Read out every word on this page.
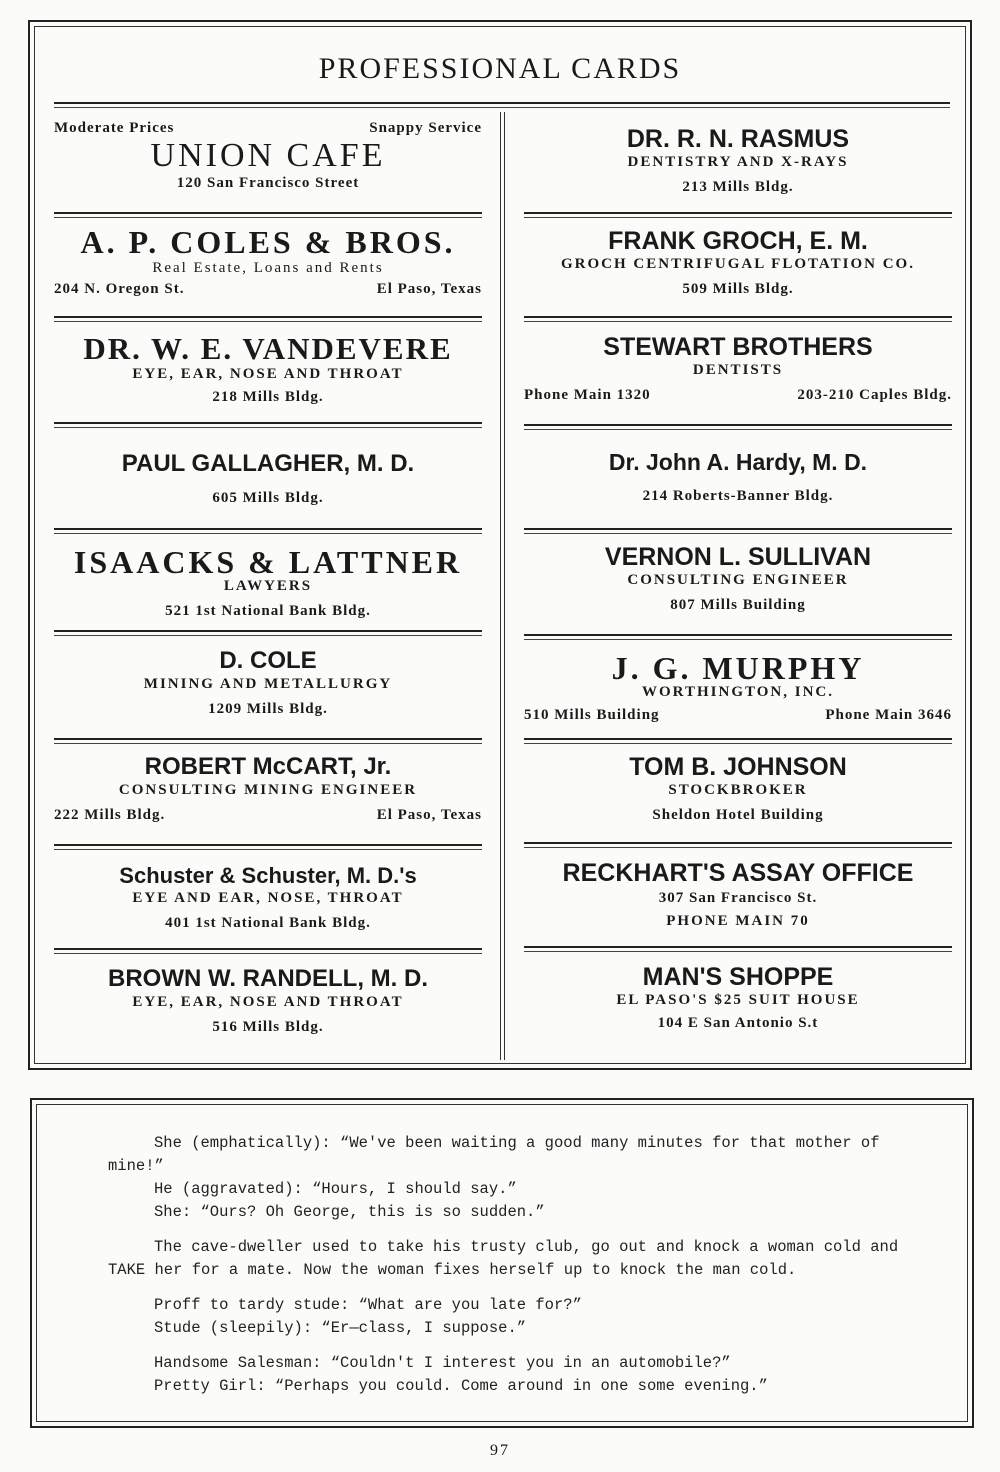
PROFESSIONAL CARDS
Moderate Prices	Snappy Service
UNION CAFE
120 San Francisco Street
A. P. COLES & BROS.
Real Estate, Loans and Rents
204 N. Oregon St.	El Paso, Texas
DR. W. E. VANDEVERE
EYE, EAR, NOSE AND THROAT
218 Mills Bldg.
PAUL GALLAGHER, M. D.
605 Mills Bldg.
ISAACKS & LATTNER
LAWYERS
521 1st National Bank Bldg.
D. COLE
MINING AND METALLURGY
1209 Mills Bldg.
ROBERT McCART, Jr.
CONSULTING MINING ENGINEER
222 Mills Bldg.	El Paso, Texas
Schuster & Schuster, M. D.'s
EYE AND EAR, NOSE, THROAT
401 1st National Bank Bldg.
BROWN W. RANDELL, M. D.
EYE, EAR, NOSE AND THROAT
516 Mills Bldg.
DR. R. N. RASMUS
DENTISTRY AND X-RAYS
213 Mills Bldg.
FRANK GROCH, E. M.
GROCH CENTRIFUGAL FLOTATION CO.
509 Mills Bldg.
STEWART BROTHERS
DENTISTS
Phone Main 1320	203-210 Caples Bldg.
Dr. John A. Hardy, M. D.
214 Roberts-Banner Bldg.
VERNON L. SULLIVAN
CONSULTING ENGINEER
807 Mills Building
J. G. MURPHY
WORTHINGTON, INC.
510 Mills Building	Phone Main 3646
TOM B. JOHNSON
STOCKBROKER
Sheldon Hotel Building
RECKHART'S ASSAY OFFICE
307 San Francisco St.
PHONE MAIN 70
MAN'S SHOPPE
EL PASO'S $25 SUIT HOUSE
104 E San Antonio S.t

She (emphatically): “We've been waiting a good many minutes for that mother of mine!”

He (aggravated): “Hours, I should say.”

She: “Ours? Oh George, this is so sudden.”

The cave-dweller used to take his trusty club, go out and knock a woman cold and TAKE her for a mate. Now the woman fixes herself up to knock the man cold.

Proff to tardy stude: “What are you late for?”

Stude (sleepily): “Er—class, I suppose.”

Handsome Salesman: “Couldn't I interest you in an automobile?”

Pretty Girl: “Perhaps you could. Come around in one some evening.”

97
